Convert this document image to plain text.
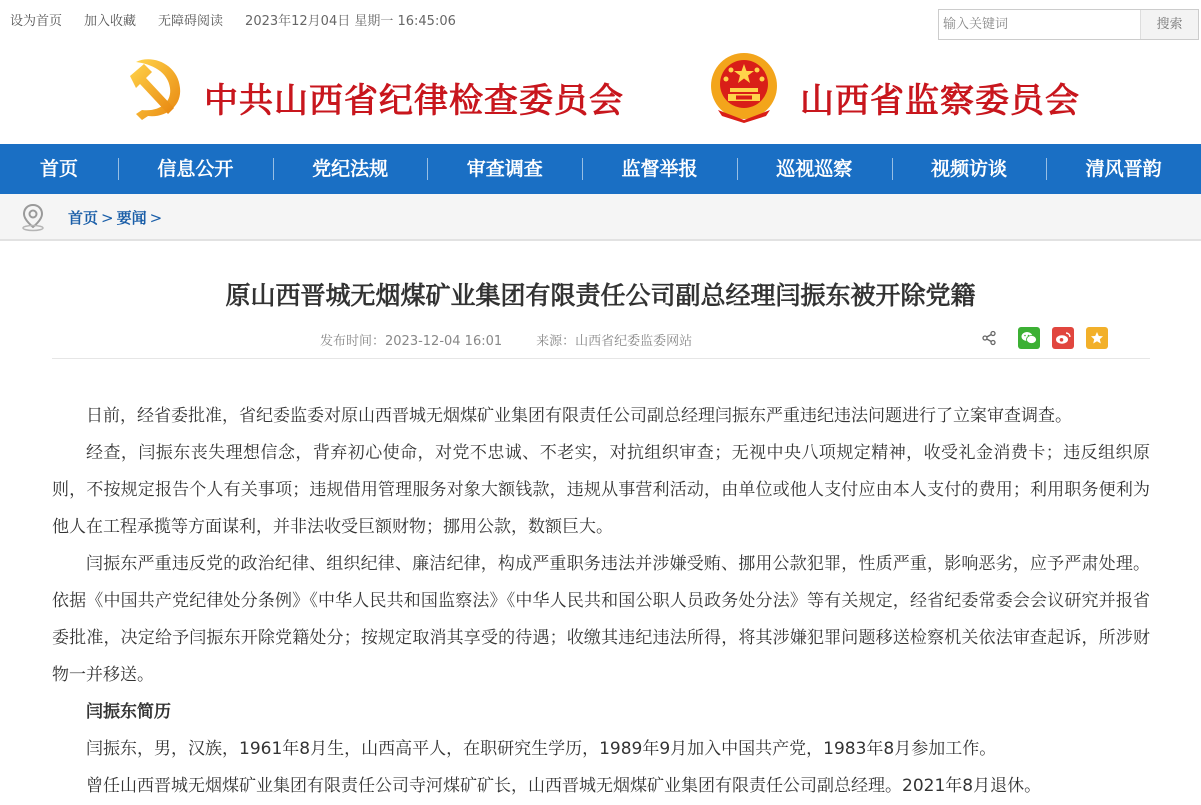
设为首页 加入收藏 无障碍阅读 2023年12月04日 星期一 16:45:06
输入关键词	搜索
中共山西省纪律检查委员会	山西省监察委员会
首页	信息公开	党纪法规	审查调查	监督举报	巡视巡察	视频访谈	清风晋韵
首页 > 要闻 >
原山西晋城无烟煤矿业集团有限责任公司副总经理闫振东被开除党籍
发布时间：2023-12-04 16:01	来源：山西省纪委监委网站

日前，经省委批准，省纪委监委对原山西晋城无烟煤矿业集团有限责任公司副总经理闫振东严重违纪违法问题进行了立案审查调查。

经查，闫振东丧失理想信念，背弃初心使命，对党不忠诚、不老实，对抗组织审查；无视中央八项规定精神，收受礼金消费卡；违反组织原则，不按规定报告个人有关事项；违规借用管理服务对象大额钱款，违规从事营利活动，由单位或他人支付应由本人支付的费用；利用职务便利为他人在工程承揽等方面谋利，并非法收受巨额财物；挪用公款，数额巨大。

闫振东严重违反党的政治纪律、组织纪律、廉洁纪律，构成严重职务违法并涉嫌受贿、挪用公款犯罪，性质严重，影响恶劣，应予严肃处理。依据《中国共产党纪律处分条例》《中华人民共和国监察法》《中华人民共和国公职人员政务处分法》等有关规定，经省纪委常委会会议研究并报省委批准，决定给予闫振东开除党籍处分；按规定取消其享受的待遇；收缴其违纪违法所得，将其涉嫌犯罪问题移送检察机关依法审查起诉，所涉财物一并移送。

闫振东简历

闫振东，男，汉族，1961年8月生，山西高平人，在职研究生学历，1989年9月加入中国共产党，1983年8月参加工作。

曾任山西晋城无烟煤矿业集团有限责任公司寺河煤矿矿长，山西晋城无烟煤矿业集团有限责任公司副总经理。2021年8月退休。
